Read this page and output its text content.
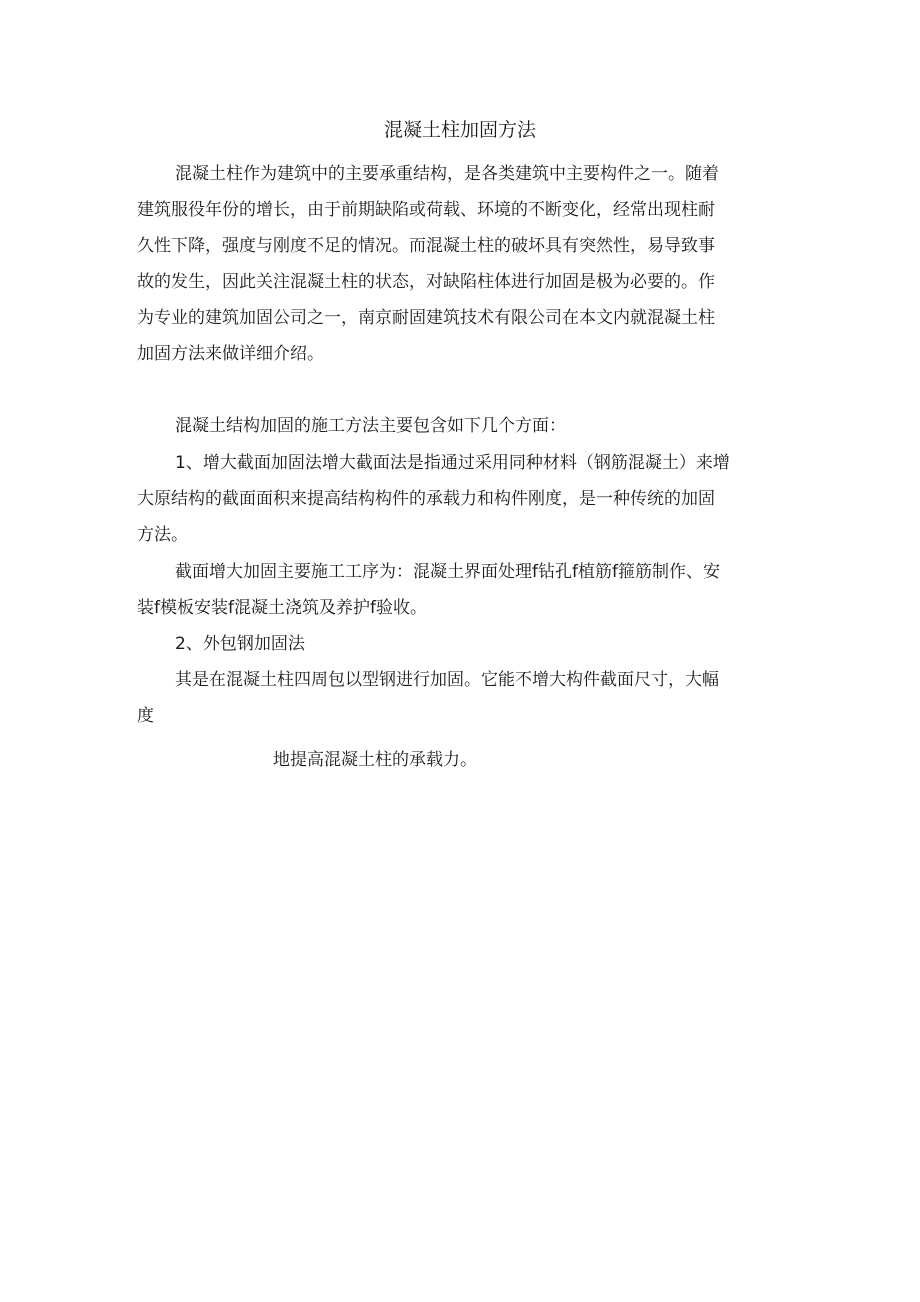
混凝土柱加固方法

混凝土柱作为建筑中的主要承重结构，是各类建筑中主要构件之一。随着

建筑服役年份的增长，由于前期缺陷或荷载、环境的不断变化，经常出现柱耐

久性下降，强度与刚度不足的情况。而混凝土柱的破坏具有突然性，易导致事

故的发生，因此关注混凝土柱的状态，对缺陷柱体进行加固是极为必要的。作

为专业的建筑加固公司之一，南京耐固建筑技术有限公司在本文内就混凝土柱

加固方法来做详细介绍。

混凝土结构加固的施工方法主要包含如下几个方面：

1、增大截面加固法增大截面法是指通过采用同种材料（钢筋混凝土）来增

大原结构的截面面积来提高结构构件的承载力和构件刚度，是一种传统的加固

方法。

截面增大加固主要施工工序为：混凝土界面处理f钻孔f植筋f箍筋制作、安

装f模板安装f混凝土浇筑及养护f验收。

2、外包钢加固法

其是在混凝土柱四周包以型钢进行加固。它能不增大构件截面尺寸，大幅

度

地提高混凝土柱的承载力。
